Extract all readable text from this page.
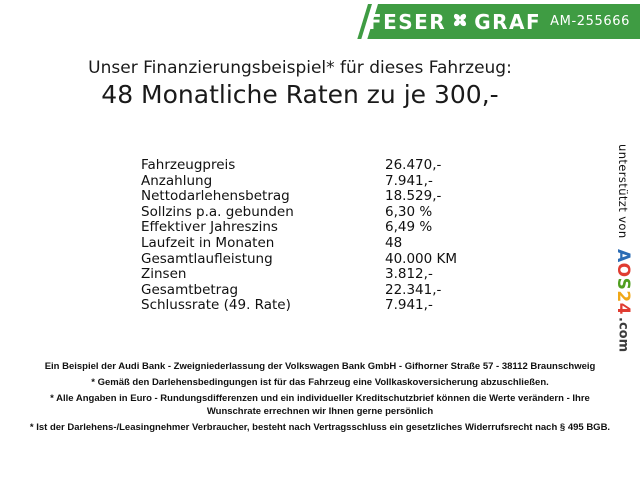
FESER GRAF AM-255666
Unser Finanzierungsbeispiel* für dieses Fahrzeug:
48 Monatliche Raten zu je 300,-
Fahrzeugpreis	26.470,-
Anzahlung	7.941,-
Nettodarlehensbetrag	18.529,-
Sollzins p.a. gebunden	6,30 %
Effektiver Jahreszins	6,49 %
Laufzeit in Monaten	48
Gesamtlaufleistung	40.000 KM
Zinsen	3.812,-
Gesamtbetrag	22.341,-
Schlussrate (49. Rate)	7.941,-
unterstützt von
AOS24
.com
Ein Beispiel der Audi Bank - Zweigniederlassung der Volkswagen Bank GmbH - Gifhorner Straße 57 - 38112 Braunschweig
* Gemäß den Darlehensbedingungen ist für das Fahrzeug eine Vollkaskoversicherung abzuschließen.
* Alle Angaben in Euro - Rundungsdifferenzen und ein individueller Kreditschutzbrief können die Werte verändern - Ihre Wunschrate errechnen wir Ihnen gerne persönlich
* Ist der Darlehens-/Leasingnehmer Verbraucher, besteht nach Vertragsschluss ein gesetzliches Widerrufsrecht nach § 495 BGB.
